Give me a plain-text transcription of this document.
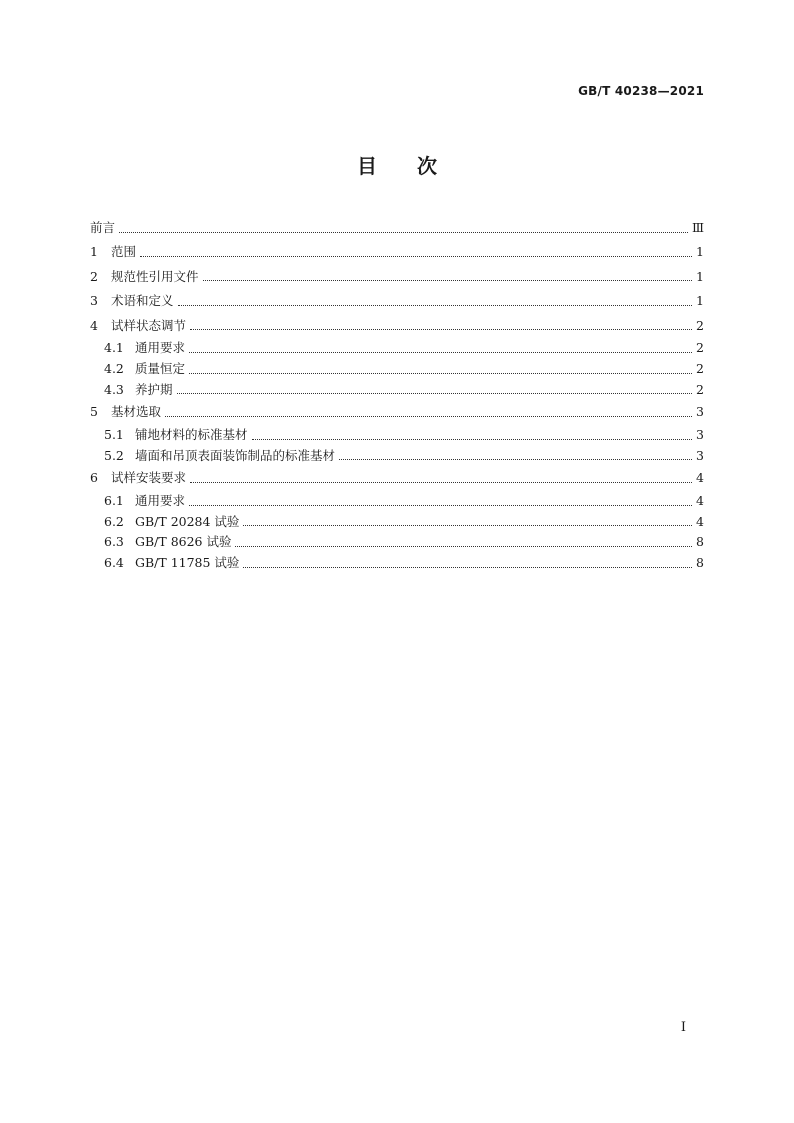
GB/T 40238—2021
目次
前言	Ⅲ
1	范围	1
2	规范性引用文件	1
3	术语和定义	1
4	试样状态调节	2
4.1 通用要求	2
4.2 质量恒定	2
4.3 养护期	2
5	基材选取	3
5.1 铺地材料的标准基材	3
5.2 墙面和吊顶表面装饰制品的标准基材	3
6	试样安装要求	4
6.1 通用要求	4
6.2 GB/T 20284 试验	4
6.3 GB/T 8626 试验	8
6.4 GB/T 11785 试验	8
I
